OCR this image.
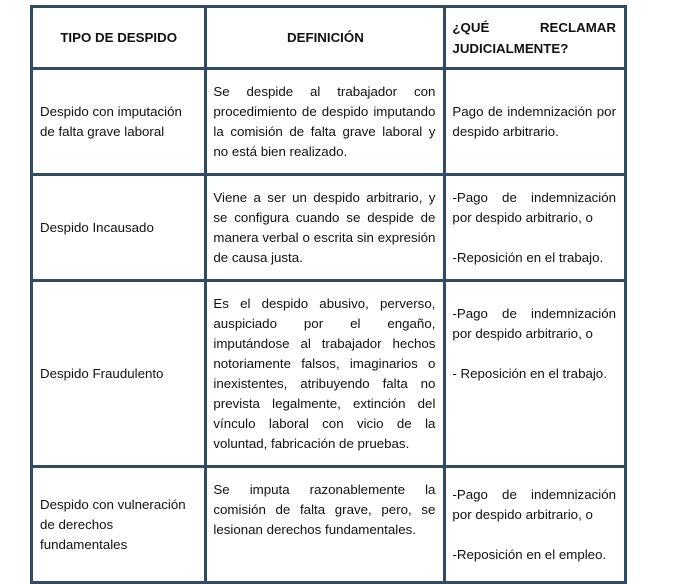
TIPO DE DESPIDO	DEFINICIÓN	¿QUÉ RECLAMAR JUDICIALMENTE?
Despido con imputación de falta grave laboral	Se despide al trabajador con procedimiento de despido imputando la comisión de falta grave laboral y no está bien realizado.	Pago de indemnización por despido arbitrario.

Despido Incausado	Viene a ser un despido arbitrario, y se configura cuando se despide de manera verbal o escrita sin expresión de causa justa.	-Pago de indemnización por despido arbitrario, o
-Reposición en el trabajo.

Despido Fraudulento	Es el despido abusivo, perverso, auspiciado por el engaño, imputándose al trabajador hechos notoriamente falsos, imaginarios o inexistentes, atribuyendo falta no prevista legalmente, extinción del vínculo laboral con vicio de la voluntad, fabricación de pruebas.	-Pago de indemnización por despido arbitrario, o
- Reposición en el trabajo.

Despido con vulneración de derechos fundamentales	Se imputa razonablemente la comisión de falta grave, pero, se lesionan derechos fundamentales.	-Pago de indemnización por despido arbitrario, o
-Reposición en el empleo.
